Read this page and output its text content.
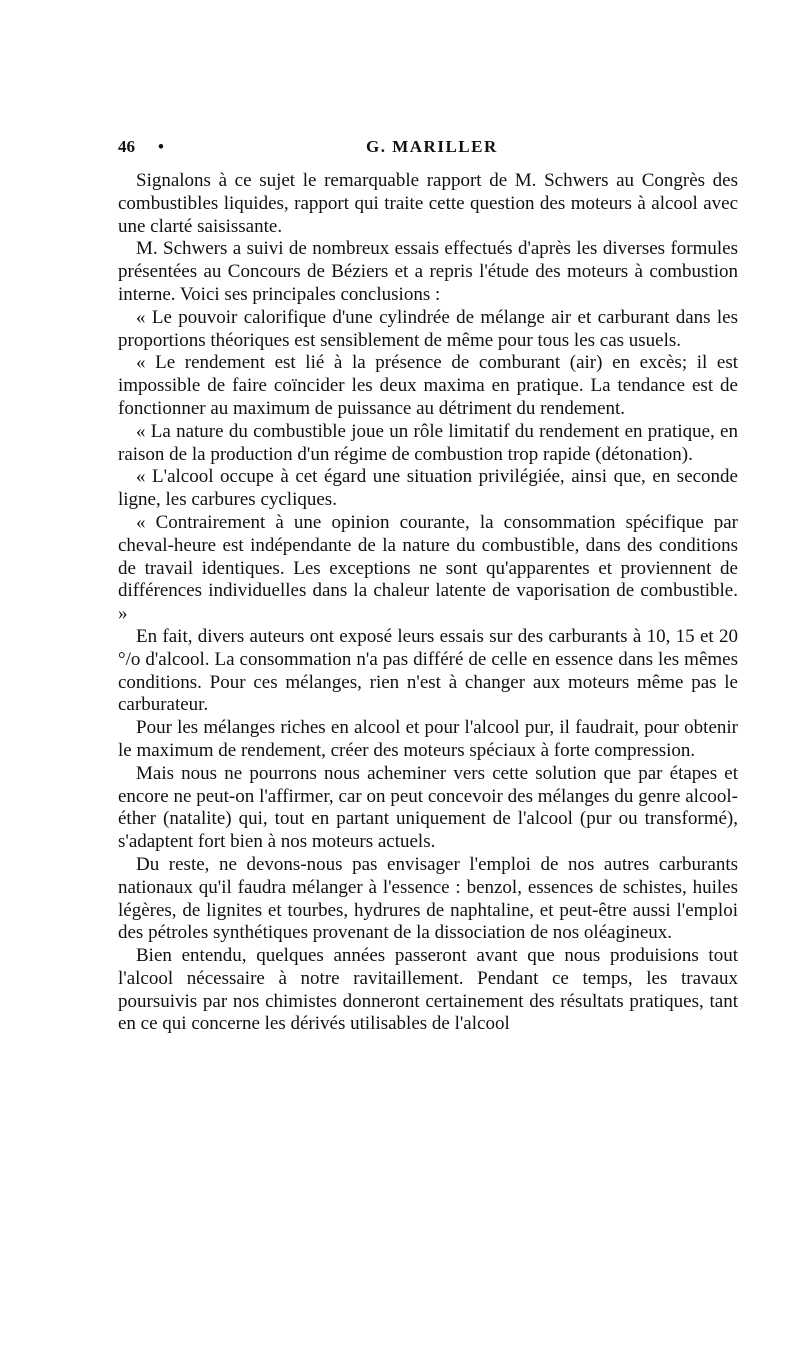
46 •	G. MARILLER

Signalons à ce sujet le remarquable rapport de M. Schwers au Congrès des combustibles liquides, rapport qui traite cette question des moteurs à alcool avec une clarté saisissante.

M. Schwers a suivi de nombreux essais effectués d'après les diverses formules présentées au Concours de Béziers et a repris l'étude des moteurs à combustion interne. Voici ses principales conclusions :

« Le pouvoir calorifique d'une cylindrée de mélange air et carburant dans les proportions théoriques est sensiblement de même pour tous les cas usuels.

« Le rendement est lié à la présence de comburant (air) en excès; il est impossible de faire coïncider les deux maxima en pratique. La tendance est de fonctionner au maximum de puissance au détriment du rendement.

« La nature du combustible joue un rôle limitatif du rendement en pratique, en raison de la production d'un régime de combustion trop rapide (détonation).

« L'alcool occupe à cet égard une situation privilégiée, ainsi que, en seconde ligne, les carbures cycliques.

« Contrairement à une opinion courante, la consommation spécifique par cheval-heure est indépendante de la nature du combustible, dans des conditions de travail identiques. Les exceptions ne sont qu'apparentes et proviennent de différences individuelles dans la chaleur latente de vaporisation de combustible. »

En fait, divers auteurs ont exposé leurs essais sur des carburants à 10, 15 et 20 °/o d'alcool. La consommation n'a pas différé de celle en essence dans les mêmes conditions. Pour ces mélanges, rien n'est à changer aux moteurs même pas le carburateur.

Pour les mélanges riches en alcool et pour l'alcool pur, il faudrait, pour obtenir le maximum de rendement, créer des moteurs spéciaux à forte compression.

Mais nous ne pourrons nous acheminer vers cette solution que par étapes et encore ne peut-on l'affirmer, car on peut concevoir des mélanges du genre alcool-éther (natalite) qui, tout en partant uniquement de l'alcool (pur ou transformé), s'adaptent fort bien à nos moteurs actuels.

Du reste, ne devons-nous pas envisager l'emploi de nos autres carburants nationaux qu'il faudra mélanger à l'essence : benzol, essences de schistes, huiles légères, de lignites et tourbes, hydrures de naphtaline, et peut-être aussi l'emploi des pétroles synthétiques provenant de la dissociation de nos oléagineux.

Bien entendu, quelques années passeront avant que nous produisions tout l'alcool nécessaire à notre ravitaillement. Pendant ce temps, les travaux poursuivis par nos chimistes donneront certainement des résultats pratiques, tant en ce qui concerne les dérivés utilisables de l'alcool
